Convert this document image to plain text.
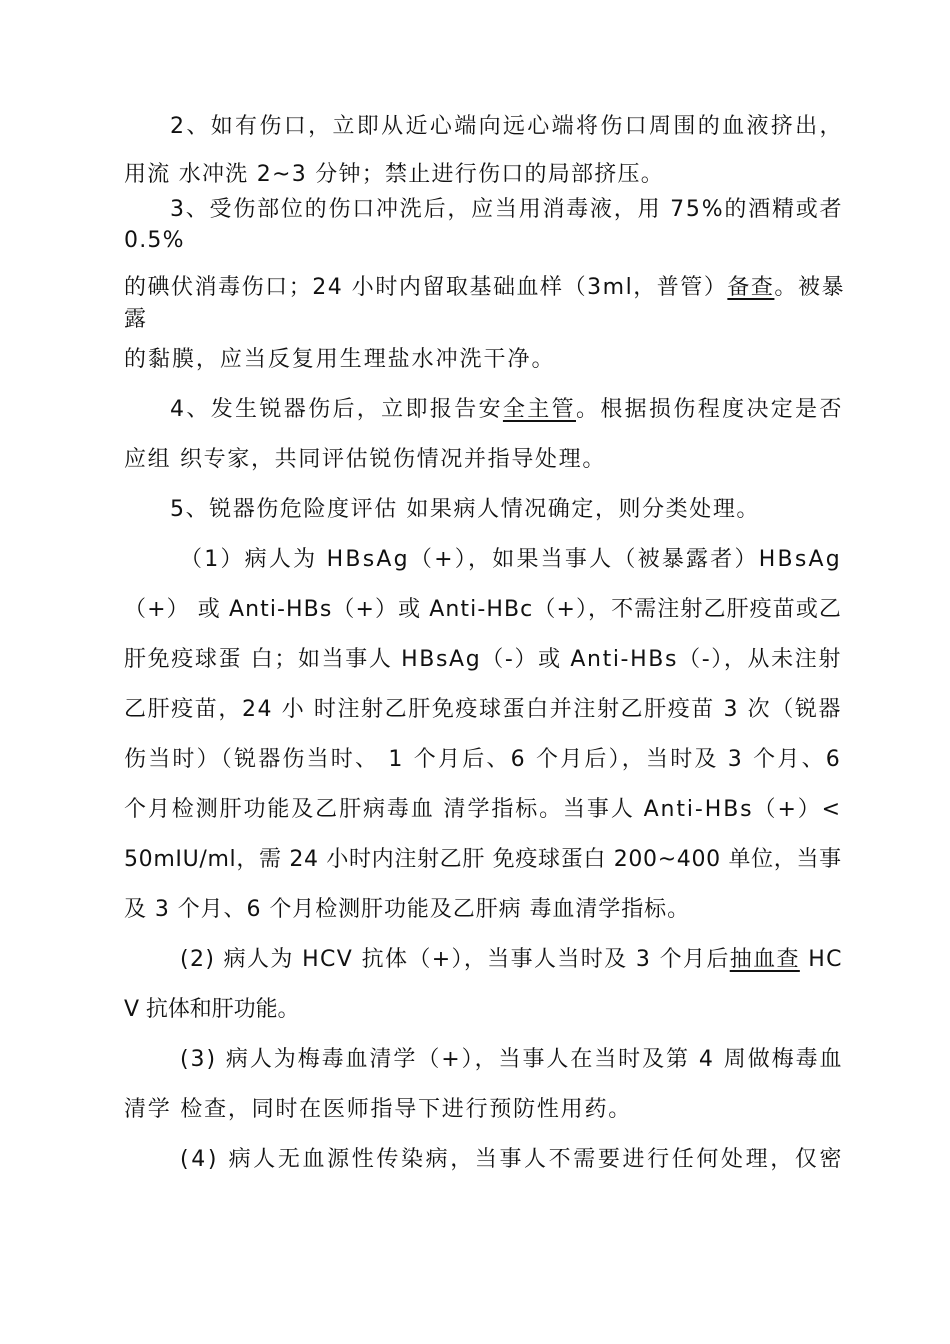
2、如有伤口，立即从近心端向远心端将伤口周围的血液挤出，
用流 水冲洗 2~3 分钟；禁止进行伤口的局部挤压。
3、受伤部位的伤口冲洗后，应当用消毒液，用 75%的酒精或者
0.5%
的碘伏消毒伤口；24 小时内留取基础血样（3ml，普管）备查。被暴
露
的黏膜，应当反复用生理盐水冲洗干净。
4、发生锐器伤后，立即报告安全主管。根据损伤程度决定是否
应组 织专家，共同评估锐伤情况并指导处理。
5、锐器伤危险度评估 如果病人情况确定，则分类处理。
（1）病人为 HBsAg（+），如果当事人（被暴露者）HBsAg
（+） 或 Anti-HBs（+）或 Anti-HBc（+），不需注射乙肝疫苗或乙
肝免疫球蛋 白；如当事人 HBsAg（-）或 Anti-HBs（-），从未注射
乙肝疫苗，24 小 时注射乙肝免疫球蛋白并注射乙肝疫苗 3 次（锐器
伤当时）（锐器伤当时、 1 个月后、6 个月后），当时及 3 个月、6
个月检测肝功能及乙肝病毒血 清学指标。当事人 Anti-HBs（+）<
50mIU/ml，需 24 小时内注射乙肝 免疫球蛋白 200~400 单位，当事
及 3 个月、6 个月检测肝功能及乙肝病 毒血清学指标。
(2) 病人为 HCV 抗体（+），当事人当时及 3 个月后抽血查 HC
V 抗体和肝功能。
(3) 病人为梅毒血清学（+），当事人在当时及第 4 周做梅毒血
清学 检查，同时在医师指导下进行预防性用药。
(4) 病人无血源性传染病，当事人不需要进行任何处理，仅密
